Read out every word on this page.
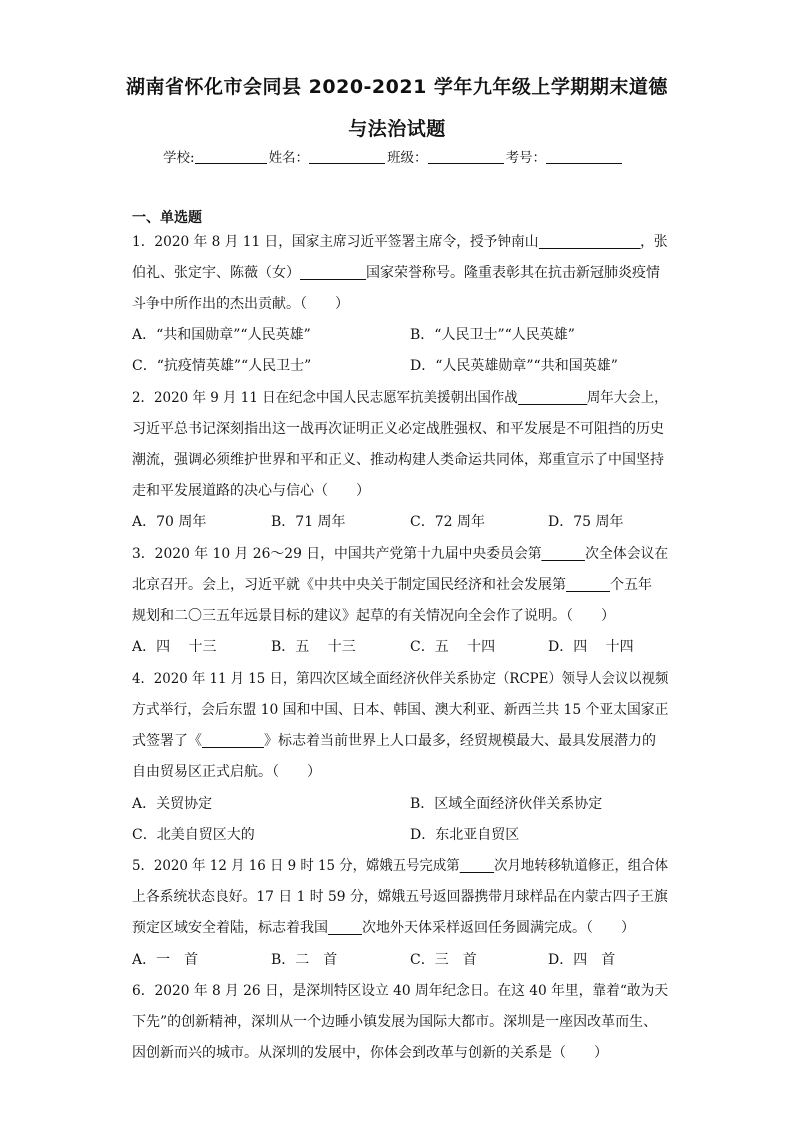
湖南省怀化市会同县 2020-2021 学年九年级上学期期末道德
与法治试题
学校:	姓名：	班级：	考号：
一、单选题
1．2020 年 8 月 11 日，国家主席习近平签署主席令，授予钟南山	，张
伯礼、张定宇、陈薇（女）	国家荣誉称号。隆重表彰其在抗击新冠肺炎疫情
斗争中所作出的杰出贡献。（　　）
A．“共和国勋章”“人民英雄”	B．“人民卫士”“人民英雄”
C．“抗疫情英雄”“人民卫士”	D．“人民英雄勋章”“共和国英雄”
2．2020 年 9 月 11 日在纪念中国人民志愿军抗美援朝出国作战	周年大会上，
习近平总书记深刻指出这一战再次证明正义必定战胜强权、和平发展是不可阻挡的历史
潮流，强调必须维护世界和平和正义、推动构建人类命运共同体，郑重宣示了中国坚持
走和平发展道路的决心与信心（　　）
A．70 周年	B．71 周年	C．72 周年	D．75 周年
3．2020 年 10 月 26～29 日，中国共产党第十九届中央委员会第	次全体会议在
北京召开。会上，习近平就《中共中央关于制定国民经济和社会发展第	个五年
规划和二〇三五年远景目标的建议》起草的有关情况向全会作了说明。（　　）
A．四　 十三	B．五　 十三	C．五　 十四	D．四　 十四
4．2020 年 11 月 15 日，第四次区域全面经济伙伴关系协定（RCPE）领导人会议以视频
方式举行，会后东盟 10 国和中国、日本、韩国、澳大利亚、新西兰共 15 个亚太国家正
式签署了《	》标志着当前世界上人口最多，经贸规模最大、最具发展潜力的
自由贸易区正式启航。（　　）
A．关贸协定	B．区域全面经济伙伴关系协定
C．北美自贸区大的	D．东北亚自贸区
5．2020 年 12 月 16 日 9 时 15 分，嫦娥五号完成第 次月地转移轨道修正，组合体
上各系统状态良好。17 日 1 时 59 分，嫦娥五号返回器携带月球样品在内蒙古四子王旗
预定区域安全着陆，标志着我国 次地外天体采样返回任务圆满完成。（　　）
A．一　首	B．二　首	C．三　首	D．四　首
6．2020 年 8 月 26 日，是深圳特区设立 40 周年纪念日。在这 40 年里，靠着“敢为天
下先”的创新精神，深圳从一个边睡小镇发展为国际大都市。深圳是一座因改革而生、
因创新而兴的城市。从深圳的发展中，你体会到改革与创新的关系是（　　）
